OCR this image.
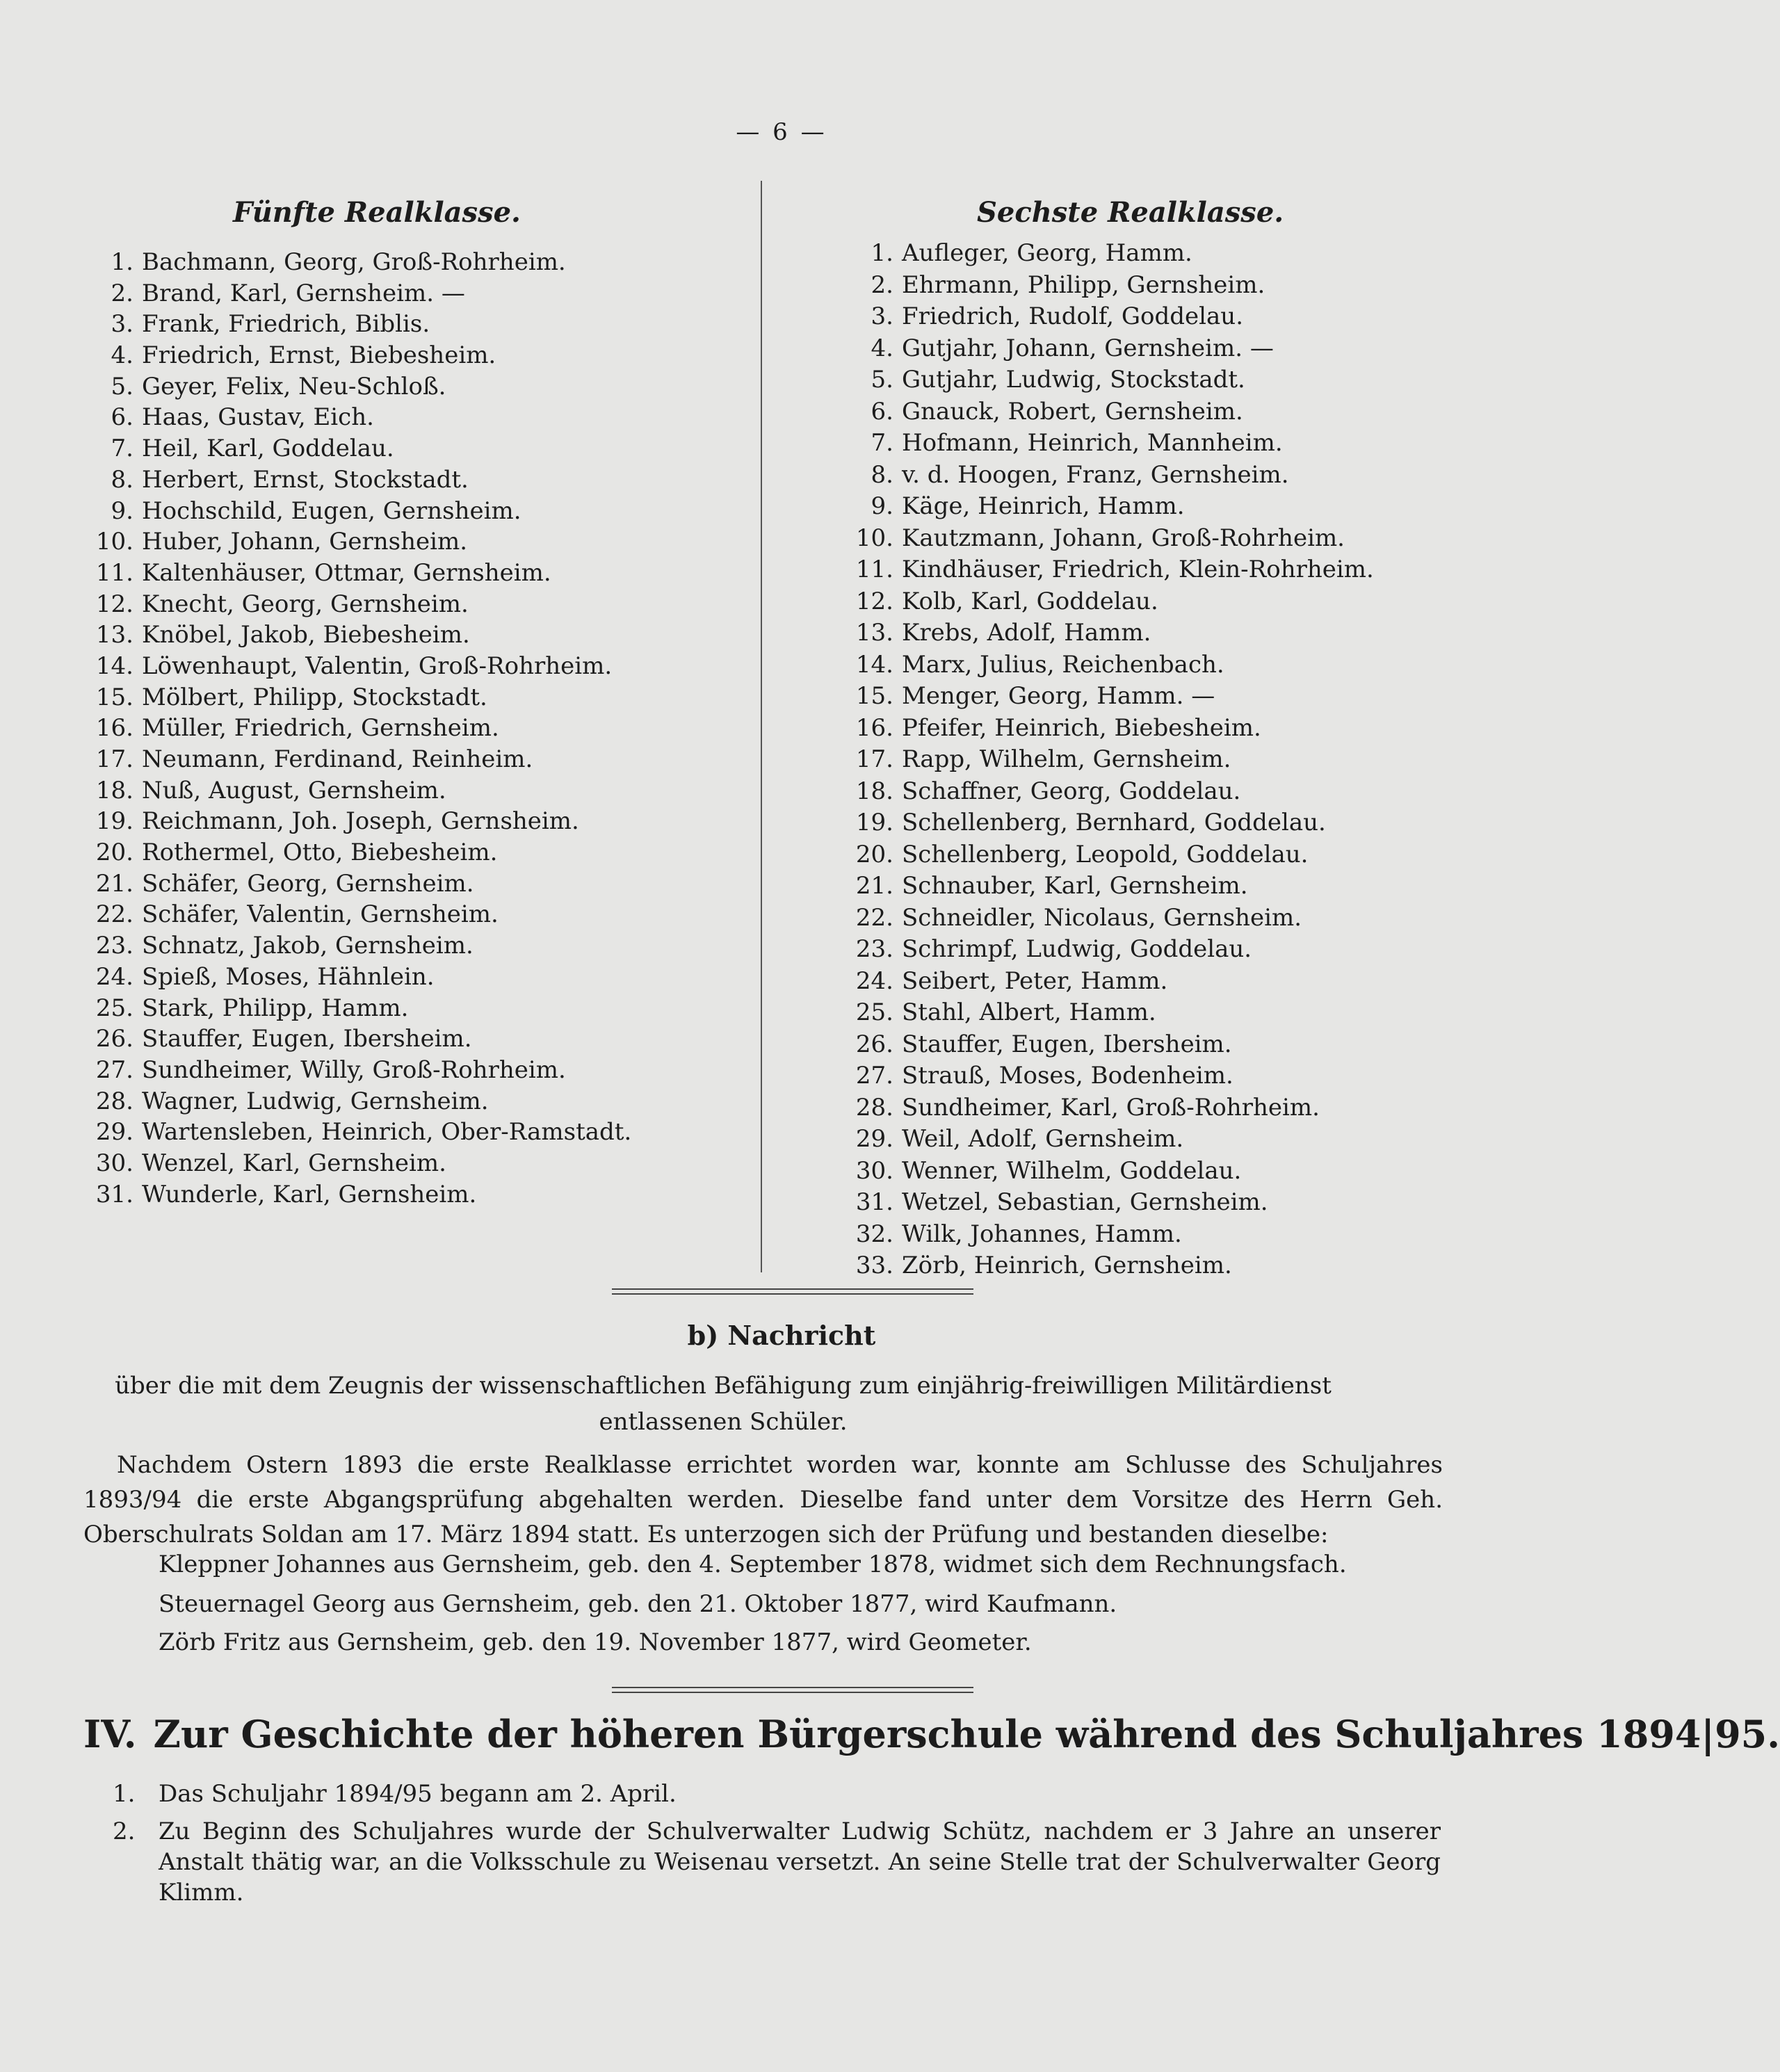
— 6 —
Fünfte Realklasse.	Sechste Realklasse.
1. Bachmann, Georg, Groß-Rohrheim.
2. Brand, Karl, Gernsheim. —
3. Frank, Friedrich, Biblis.
4. Friedrich, Ernst, Biebesheim.
5. Geyer, Felix, Neu-Schloß.
6. Haas, Gustav, Eich.
7. Heil, Karl, Goddelau.
8. Herbert, Ernst, Stockstadt.
9. Hochschild, Eugen, Gernsheim.
10. Huber, Johann, Gernsheim.
11. Kaltenhäuser, Ottmar, Gernsheim.
12. Knecht, Georg, Gernsheim.
13. Knöbel, Jakob, Biebesheim.
14. Löwenhaupt, Valentin, Groß-Rohrheim.
15. Mölbert, Philipp, Stockstadt.
16. Müller, Friedrich, Gernsheim.
17. Neumann, Ferdinand, Reinheim.
18. Nuß, August, Gernsheim.
19. Reichmann, Joh. Joseph, Gernsheim.
20. Rothermel, Otto, Biebesheim.
21. Schäfer, Georg, Gernsheim.
22. Schäfer, Valentin, Gernsheim.
23. Schnatz, Jakob, Gernsheim.
24. Spieß, Moses, Hähnlein.
25. Stark, Philipp, Hamm.
26. Stauffer, Eugen, Ibersheim.
27. Sundheimer, Willy, Groß-Rohrheim.
28. Wagner, Ludwig, Gernsheim.
29. Wartensleben, Heinrich, Ober-Ramstadt.
30. Wenzel, Karl, Gernsheim.
31. Wunderle, Karl, Gernsheim.
1. Aufleger, Georg, Hamm.
2. Ehrmann, Philipp, Gernsheim.
3. Friedrich, Rudolf, Goddelau.
4. Gutjahr, Johann, Gernsheim. —
5. Gutjahr, Ludwig, Stockstadt.
6. Gnauck, Robert, Gernsheim.
7. Hofmann, Heinrich, Mannheim.
8. v. d. Hoogen, Franz, Gernsheim.
9. Käge, Heinrich, Hamm.
10. Kautzmann, Johann, Groß-Rohrheim.
11. Kindhäuser, Friedrich, Klein-Rohrheim.
12. Kolb, Karl, Goddelau.
13. Krebs, Adolf, Hamm.
14. Marx, Julius, Reichenbach.
15. Menger, Georg, Hamm. —
16. Pfeifer, Heinrich, Biebesheim.
17. Rapp, Wilhelm, Gernsheim.
18. Schaffner, Georg, Goddelau.
19. Schellenberg, Bernhard, Goddelau.
20. Schellenberg, Leopold, Goddelau.
21. Schnauber, Karl, Gernsheim.
22. Schneidler, Nicolaus, Gernsheim.
23. Schrimpf, Ludwig, Goddelau.
24. Seibert, Peter, Hamm.
25. Stahl, Albert, Hamm.
26. Stauffer, Eugen, Ibersheim.
27. Strauß, Moses, Bodenheim.
28. Sundheimer, Karl, Groß-Rohrheim.
29. Weil, Adolf, Gernsheim.
30. Wenner, Wilhelm, Goddelau.
31. Wetzel, Sebastian, Gernsheim.
32. Wilk, Johannes, Hamm.
33. Zörb, Heinrich, Gernsheim.
b) Nachricht
über die mit dem Zeugnis der wissenschaftlichen Befähigung zum einjährig-freiwilligen Militärdienst
entlassenen Schüler.
Nachdem Ostern 1893 die erste Realklasse errichtet worden war, konnte am Schlusse des Schuljahres 1893/94 die erste Abgangsprüfung abgehalten werden. Dieselbe fand unter dem Vorsitze des Herrn Geh. Oberschulrats Soldan am 17. März 1894 statt. Es unterzogen sich der Prüfung und bestanden dieselbe:
Kleppner Johannes aus Gernsheim, geb. den 4. September 1878, widmet sich dem Rechnungsfach.
Steuernagel Georg aus Gernsheim, geb. den 21. Oktober 1877, wird Kaufmann.
Zörb Fritz aus Gernsheim, geb. den 19. November 1877, wird Geometer.
IV. Zur Geschichte der höheren Bürgerschule während des Schuljahres 1894|95.
1. Das Schuljahr 1894/95 begann am 2. April.
2. Zu Beginn des Schuljahres wurde der Schulverwalter Ludwig Schütz, nachdem er 3 Jahre an unserer Anstalt thätig war, an die Volksschule zu Weisenau versetzt. An seine Stelle trat der Schulverwalter Georg Klimm.
